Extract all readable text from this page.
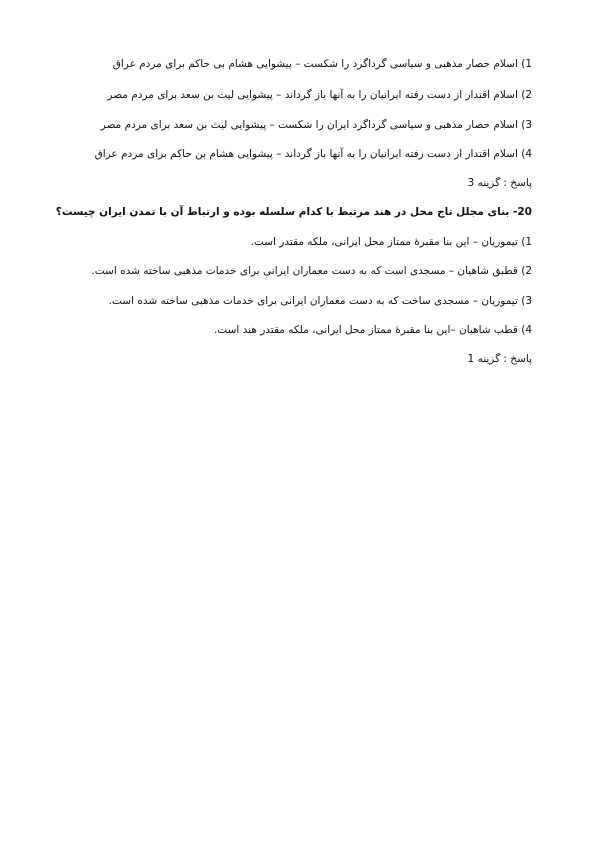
1) اسلام حصار مذهبی و سیاسی گرداگرد را شکست – پیشوایی هشام بی حاکم برای مردم عراق
2) اسلام اقتدار از دست رفته ایرانیان را به آنها باز گرداند – پیشوایی لیث بن سعد برای مردم مصر
3) اسلام حصار مذهبی و سیاسی گرداگرد ایران را شکست – پیشوایی لیث بن سعد برای مردم مصر
4) اسلام اقتدار از دست رفته ایرانیان را به آنها باز گرداند – پیشوایی هشام بن حاکم برای مردم عراق
پاسخ : گزینه 3
20- بنای مجلل تاج محل در هند مرتبط با کدام سلسله بوده و ارتباط آن با تمدن ایران چیست؟
1) تیموریان – این بنا مقبرهٔ ممتاز محل ایرانی، ملکه مقتدر است.
2) قطبق شاهیان – مسجدی است که به دست معماران ایرانی برای خدمات مذهبی ساخته شده است.
3) تیموریان – مسجدی ساخت که به دست معماران ایرانی برای خدمات مذهبی ساخته شده است.
4) قطب شاهیان –این بنا مقبرهٔ ممتاز محل ایرانی، ملکه مقتدر هند است.
پاسخ : گزینه 1
